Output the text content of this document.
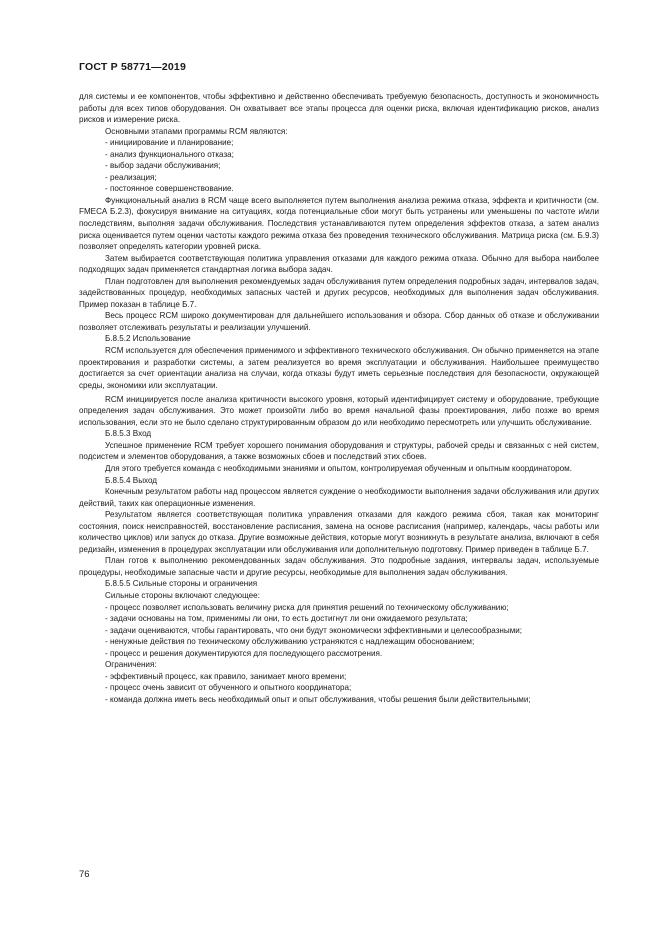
ГОСТ Р 58771—2019

для системы и ее компонентов, чтобы эффективно и действенно обеспечивать требуемую безопасность, доступность и экономичность работы для всех типов оборудования. Он охватывает все этапы процесса для оценки риска, включая идентификацию рисков, анализ рисков и измерение риска.

Основными этапами программы RCM являются:

- инициирование и планирование;

- анализ функционального отказа;

- выбор задачи обслуживания;

- реализация;

- постоянное совершенствование.

Функциональный анализ в RCM чаще всего выполняется путем выполнения анализа режима отказа, эффекта и критичности (см. FMECA Б.2.3), фокусируя внимание на ситуациях, когда потенциальные сбои могут быть устранены или уменьшены по частоте и/или последствиям, выполняя задачи обслуживания. Последствия устанавливаются путем определения эффектов отказа, а затем анализ риска оценивается путем оценки частоты каждого режима отказа без проведения технического обслуживания. Матрица риска (см. Б.9.3) позволяет определять категории уровней риска.

Затем выбирается соответствующая политика управления отказами для каждого режима отказа. Обычно для выбора наиболее подходящих задач применяется стандартная логика выбора задач.

План подготовлен для выполнения рекомендуемых задач обслуживания путем определения подробных задач, интервалов задач, задействованных процедур, необходимых запасных частей и других ресурсов, необходимых для выполнения задач обслуживания. Пример показан в таблице Б.7.

Весь процесс RCM широко документирован для дальнейшего использования и обзора. Сбор данных об отказе и обслуживании позволяет отслеживать результаты и реализации улучшений.

Б.8.5.2 Использование

RCM используется для обеспечения применимого и эффективного технического обслуживания. Он обычно применяется на этапе проектирования и разработки системы, а затем реализуется во время эксплуатации и обслуживания. Наибольшее преимущество достигается за счет ориентации анализа на случаи, когда отказы будут иметь серьезные последствия для безопасности, окружающей среды, экономики или эксплуатации.

RCM инициируется после анализа критичности высокого уровня, который идентифицирует систему и оборудование, требующие определения задач обслуживания. Это может произойти либо во время начальной фазы проектирования, либо позже во время использования, если это не было сделано структурированным образом до или необходимо пересмотреть или улучшить обслуживание.

Б.8.5.3 Вход

Успешное применение RCM требует хорошего понимания оборудования и структуры, рабочей среды и связанных с ней систем, подсистем и элементов оборудования, а также возможных сбоев и последствий этих сбоев.

Для этого требуется команда с необходимыми знаниями и опытом, контролируемая обученным и опытным координатором.

Б.8.5.4 Выход

Конечным результатом работы над процессом является суждение о необходимости выполнения задачи обслуживания или других действий, таких как операционные изменения.

Результатом является соответствующая политика управления отказами для каждого режима сбоя, такая как мониторинг состояния, поиск неисправностей, восстановление расписания, замена на основе расписания (например, календарь, часы работы или количество циклов) или запуск до отказа. Другие возможные действия, которые могут возникнуть в результате анализа, включают в себя редизайн, изменения в процедурах эксплуатации или обслуживания или дополнительную подготовку. Пример приведен в таблице Б.7.

План готов к выполнению рекомендованных задач обслуживания. Это подробные задания, интервалы задач, используемые процедуры, необходимые запасные части и другие ресурсы, необходимые для выполнения задач обслуживания.

Б.8.5.5 Сильные стороны и ограничения

Сильные стороны включают следующее:

- процесс позволяет использовать величину риска для принятия решений по техническому обслуживанию;

- задачи основаны на том, применимы ли они, то есть достигнут ли они ожидаемого результата;

- задачи оцениваются, чтобы гарантировать, что они будут экономически эффективными и целесообразными;

- ненужные действия по техническому обслуживанию устраняются с надлежащим обоснованием;

- процесс и решения документируются для последующего рассмотрения.

Ограничения:

- эффективный процесс, как правило, занимает много времени;

- процесс очень зависит от обученного и опытного координатора;

- команда должна иметь весь необходимый опыт и опыт обслуживания, чтобы решения были действительными;

76
